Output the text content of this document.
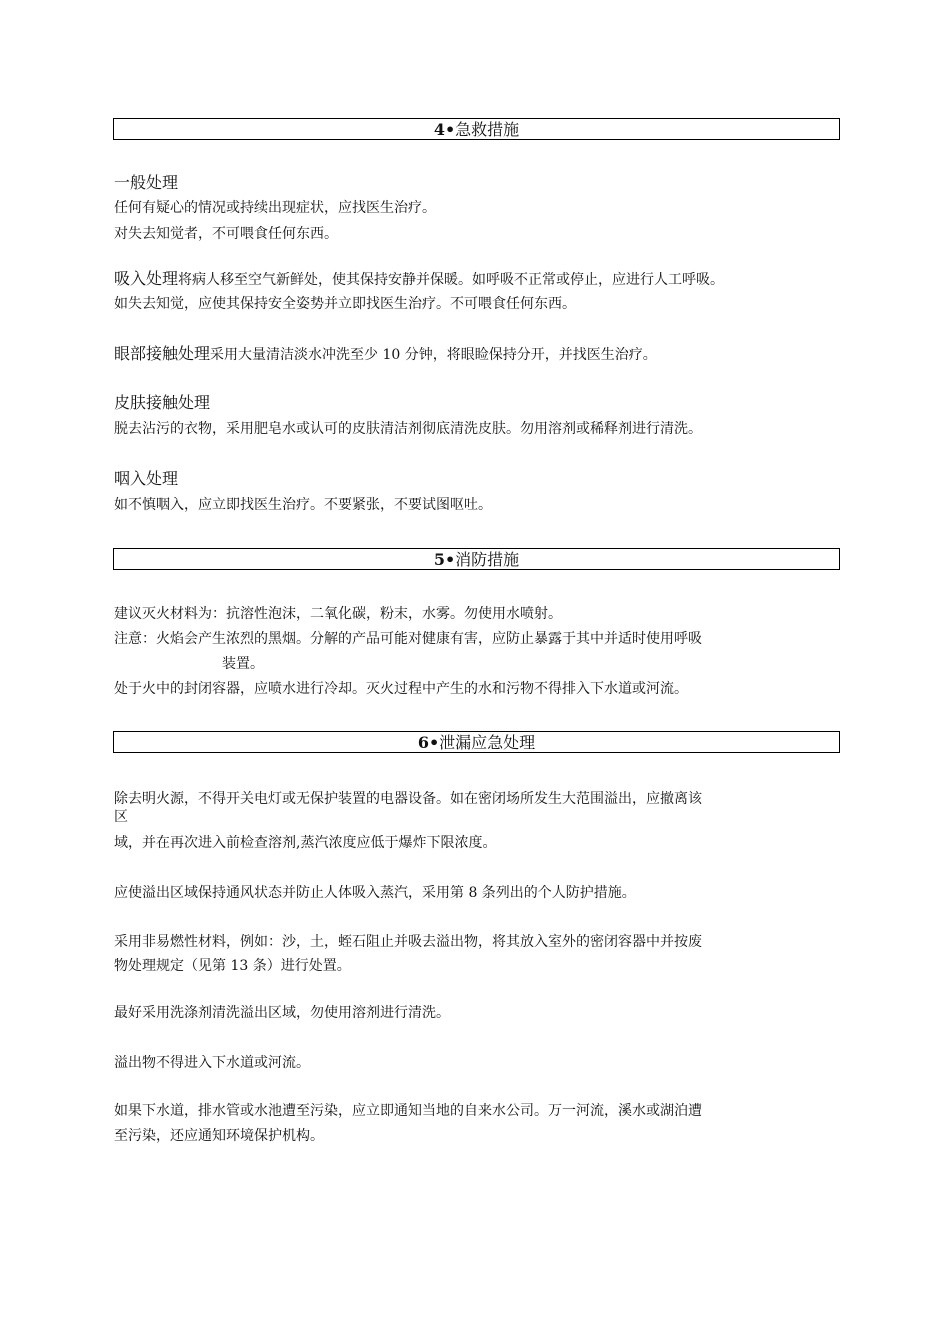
4•急救措施
一般处理
任何有疑心的情况或持续出现症状，应找医生治疗。
对失去知觉者，不可喂食任何东西。
吸入处理将病人移至空气新鲜处，使其保持安静并保暖。如呼吸不正常或停止，应进行人工呼吸。
如失去知觉，应使其保持安全姿势并立即找医生治疗。不可喂食任何东西。
眼部接触处理采用大量清洁淡水冲洗至少 10 分钟，将眼睑保持分开，并找医生治疗。
皮肤接触处理
脱去沾污的衣物，采用肥皂水或认可的皮肤清洁剂彻底清洗皮肤。勿用溶剂或稀释剂进行清洗。
咽入处理
如不慎咽入，应立即找医生治疗。不要紧张，不要试图呕吐。
5•消防措施
建议灭火材料为：抗溶性泡沫，二氧化碳，粉末，水雾。勿使用水喷射。
注意：火焰会产生浓烈的黑烟。分解的产品可能对健康有害，应防止暴露于其中并适时使用呼吸
装置。
处于火中的封闭容器，应喷水进行冷却。灭火过程中产生的水和污物不得排入下水道或河流。
6•泄漏应急处理
除去明火源，不得开关电灯或无保护装置的电器设备。如在密闭场所发生大范围溢出，应撤离该
区
域，并在再次进入前检查溶剂,蒸汽浓度应低于爆炸下限浓度。
应使溢出区域保持通风状态并防止人体吸入蒸汽，采用第 8 条列出的个人防护措施。
采用非易燃性材料，例如：沙，土，蛭石阻止并吸去溢出物，将其放入室外的密闭容器中并按废
物处理规定（见第 13 条）进行处置。
最好采用洗涤剂清洗溢出区域，勿使用溶剂进行清洗。
溢出物不得进入下水道或河流。
如果下水道，排水管或水池遭至污染，应立即通知当地的自来水公司。万一河流，溪水或湖泊遭
至污染，还应通知环境保护机构。
